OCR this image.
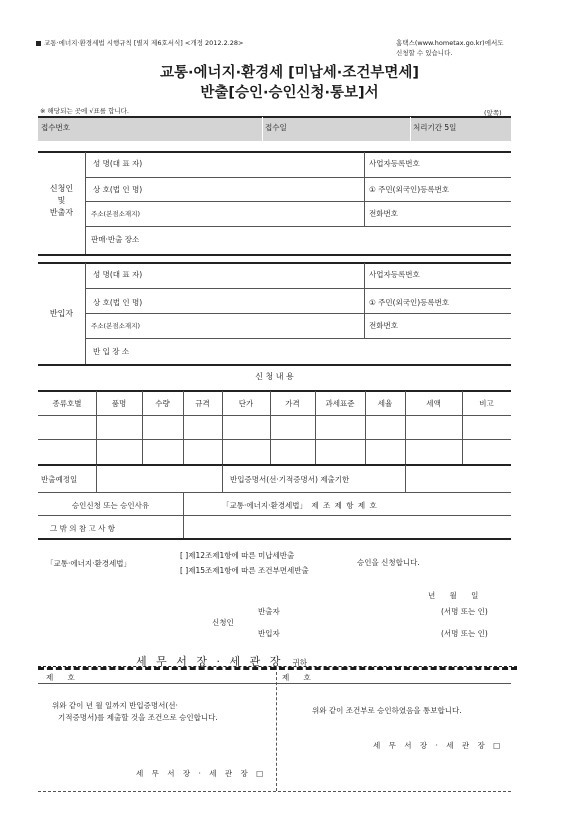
교통·에너지·환경세법 시행규칙 [별지 제6호서식] <개정 2012.2.28>	홈택스(www.hometax.go.kr)에서도
신청할 수 있습니다.
교통·에너지·환경세 [미납세·조건부면세]
반출[승인·승인신청·통보]서
※ 해당되는 곳에 √표를 합니다.	(앞쪽)
접수번호	접수일	처리기간 5일
신청인
및
반출자
성 명(대 표 자)	사업자등록번호
상 호(법 인 명)	① 주민(외국인)등록번호
주소(본점소재지)	전화번호
판매·반출 장소
반입자
성 명(대 표 자)	사업자등록번호
상 호(법 인 명)	① 주민(외국인)등록번호
주소(본점소재지)	전화번호
반 입 장 소
신 청 내 용
종류호별	품명	수량	규격	단가	가격	과세표준	세율	세액	비고
반출예정일	반입증명서(선·기적증명서) 제출기한
승인신청 또는 승인사유	「교통·에너지·환경세법」 제 조 제 항 제 호
그 밖 의 참 고 사 항
「교통·에너지·환경세법」
[ ]제12조제1항에 따른 미납세반출
[ ]제15조제1항에 따른 조건부면세반출
승인을 신청합니다.
년      월      일
신청인
반출자
반입자
(서명 또는 인)
(서명 또는 인)
세 무 서 장 · 세 관 장 귀하
제      호
위와 같이 년 월 일까지 반입증명서(선·
기적증명서)를 제출할 것을 조건으로 승인합니다.
세 무 서 장 · 세 관 장 □
제      호
위와 같이 조건부로 승인하였음을 통보합니다.
세 무 서 장 · 세 관 장 □
